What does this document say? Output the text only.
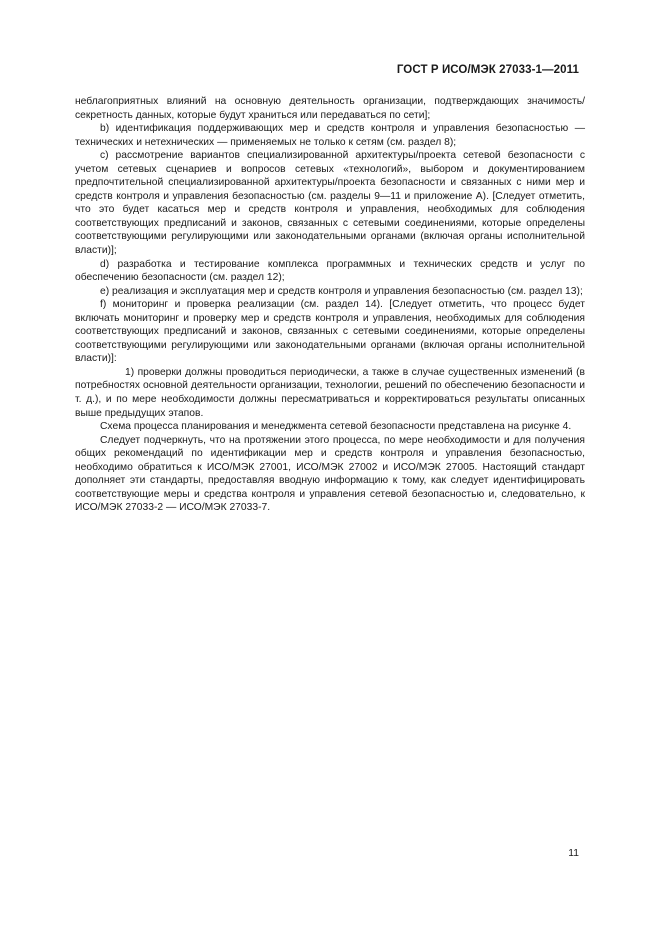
ГОСТ Р ИСО/МЭК 27033-1—2011

неблагоприятных влияний на основную деятельность организации, подтверждающих значимость/секретность данных, которые будут храниться или передаваться по сети];

b) идентификация поддерживающих мер и средств контроля и управления безопасностью — технических и нетехнических — применяемых не только к сетям (см. раздел 8);

c) рассмотрение вариантов специализированной архитектуры/проекта сетевой безопасности с учетом сетевых сценариев и вопросов сетевых «технологий», выбором и документированием предпочтительной специализированной архитектуры/проекта безопасности и связанных с ними мер и средств контроля и управления безопасностью (см. разделы 9—11 и приложение А). [Следует отметить, что это будет касаться мер и средств контроля и управления, необходимых для соблюдения соответствующих предписаний и законов, связанных с сетевыми соединениями, которые определены соответствующими регулирующими или законодательными органами (включая органы исполнительной власти)];

d) разработка и тестирование комплекса программных и технических средств и услуг по обеспечению безопасности (см. раздел 12);

e) реализация и эксплуатация мер и средств контроля и управления безопасностью (см. раздел 13);

f) мониторинг и проверка реализации (см. раздел 14). [Следует отметить, что процесс будет включать мониторинг и проверку мер и средств контроля и управления, необходимых для соблюдения соответствующих предписаний и законов, связанных с сетевыми соединениями, которые определены соответствующими регулирующими или законодательными органами (включая органы исполнительной власти)]:

1) проверки должны проводиться периодически, а также в случае существенных изменений (в потребностях основной деятельности организации, технологии, решений по обеспечению безопасности и т. д.), и по мере необходимости должны пересматриваться и корректироваться результаты описанных выше предыдущих этапов.

Схема процесса планирования и менеджмента сетевой безопасности представлена на рисунке 4.

Следует подчеркнуть, что на протяжении этого процесса, по мере необходимости и для получения общих рекомендаций по идентификации мер и средств контроля и управления безопасностью, необходимо обратиться к ИСО/МЭК 27001, ИСО/МЭК 27002 и ИСО/МЭК 27005. Настоящий стандарт дополняет эти стандарты, предоставляя вводную информацию к тому, как следует идентифицировать соответствующие меры и средства контроля и управления сетевой безопасностью и, следовательно, к ИСО/МЭК 27033-2 — ИСО/МЭК 27033-7.

11
